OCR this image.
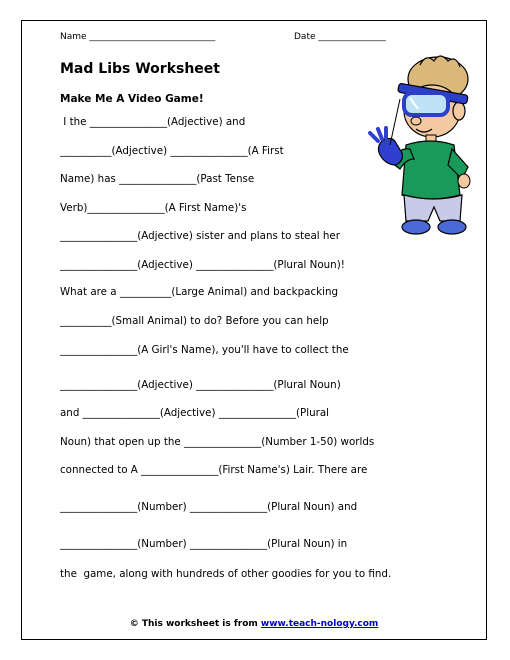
Name ____________________________	Date _______________
Mad Libs Worksheet
Make Me A Video Game!
I the _______________(Adjective) and
__________(Adjective) _______________(A First
Name) has _______________(Past Tense
Verb)_______________(A First Name)'s
_______________(Adjective) sister and plans to steal her
_______________(Adjective) _______________(Plural Noun)!
What are a __________(Large Animal) and backpacking
__________(Small Animal) to do? Before you can help
_______________(A Girl's Name), you'll have to collect the
_______________(Adjective) _______________(Plural Noun)
and _______________(Adjective) _______________(Plural
Noun) that open up the _______________(Number 1-50) worlds
connected to A _______________(First Name's) Lair. There are
_______________(Number) _______________(Plural Noun) and
_______________(Number) _______________(Plural Noun) in
the  game, along with hundreds of other goodies for you to find.
© This worksheet is from www.teach-nology.com
